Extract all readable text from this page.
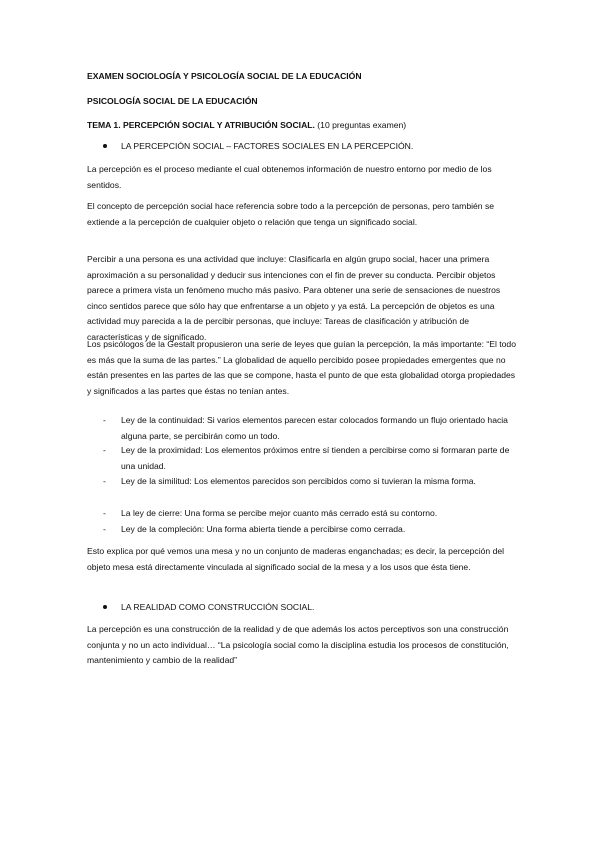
EXAMEN SOCIOLOGÍA Y PSICOLOGÍA SOCIAL DE LA EDUCACIÓN

PSICOLOGÍA SOCIAL DE LA EDUCACIÓN

TEMA 1. PERCEPCIÓN SOCIAL Y ATRIBUCIÓN SOCIAL. (10 preguntas examen)

LA PERCEPCIÓN SOCIAL – FACTORES SOCIALES EN LA PERCEPCIÓN.

La percepción es el proceso mediante el cual obtenemos información de nuestro entorno por medio de los sentidos.

El concepto de percepción social hace referencia sobre todo a la percepción de personas, pero también se extiende a la percepción de cualquier objeto o relación que tenga un significado social.

Percibir a una persona es una actividad que incluye: Clasificarla en algún grupo social, hacer una primera aproximación a su personalidad y deducir sus intenciones con el fin de prever su conducta. Percibir objetos parece a primera vista un fenómeno mucho más pasivo. Para obtener una serie de sensaciones de nuestros cinco sentidos parece que sólo hay que enfrentarse a un objeto y ya está. La percepción de objetos es una actividad muy parecida a la de percibir personas, que incluye: Tareas de clasificación y atribución de características y de significado.

Los psicólogos de la Gestalt propusieron una serie de leyes que guían la percepción, la más importante: “El todo es más que la suma de las partes.” La globalidad de aquello percibido posee propiedades emergentes que no están presentes en las partes de las que se compone, hasta el punto de que esta globalidad otorga propiedades y significados a las partes que éstas no tenían antes.

- Ley de la continuidad: Si varios elementos parecen estar colocados formando un flujo orientado hacia alguna parte, se percibirán como un todo.
- Ley de la proximidad: Los elementos próximos entre sí tienden a percibirse como si formaran parte de una unidad.
- Ley de la similitud: Los elementos parecidos son percibidos como si tuvieran la misma forma.
- La ley de cierre: Una forma se percibe mejor cuanto más cerrado está su contorno.
- Ley de la compleción: Una forma abierta tiende a percibirse como cerrada.

Esto explica por qué vemos una mesa y no un conjunto de maderas enganchadas; es decir, la percepción del objeto mesa está directamente vinculada al significado social de la mesa y a los usos que ésta tiene.

LA REALIDAD COMO CONSTRUCCIÓN SOCIAL.

La percepción es una construcción de la realidad y de que además los actos perceptivos son una construcción conjunta y no un acto individual… “La psicología social como la disciplina estudia los procesos de constitución, mantenimiento y cambio de la realidad”
